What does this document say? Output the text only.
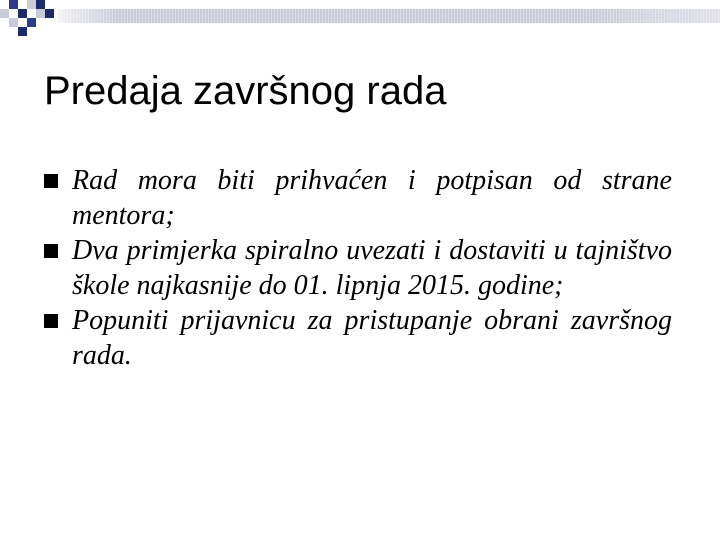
Predaja završnog rada
Rad mora biti prihvaćen i potpisan od strane mentora;
Dva primjerka spiralno uvezati i dostaviti u tajništvo škole najkasnije do 01. lipnja 2015. godine;
Popuniti prijavnicu za pristupanje obrani završnog rada.
